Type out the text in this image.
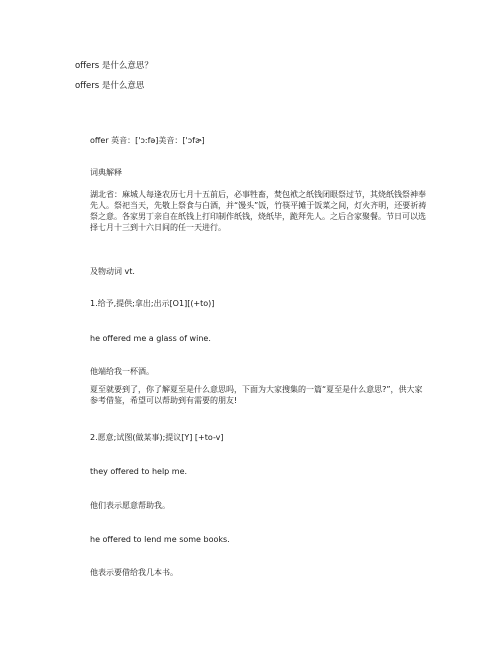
offers 是什么意思？
offers 是什么意思
offer 英音：['ɔ:fə]美音：['ɔfɚ]
词典解释
湖北省：麻城人每逢农历七月十五前后，必事牲畜，焚包袱之纸钱闭眼祭过节，其烧纸钱祭神奉先人。祭祀当天，先敬上祭食与白酒，并“馒头”饭，竹筷平摊于饭菜之间，灯火齐明，还要祈祷祭之意。各家男丁亲自在纸钱上打印制作纸钱，烧纸毕，跪拜先人。之后合家聚餐。节日可以选择七月十三到十六日间的任一天进行。
及物动词 vt.
1.给予,提供;拿出;出示[O1][(+to)]
he offered me a glass of wine.
他端给我一杯酒。
夏至就要到了，你了解夏至是什么意思吗，下面为大家搜集的一篇“夏至是什么意思?”，供大家参考借鉴，希望可以帮助到有需要的朋友!
2.愿意;试图(做某事);提议[Y] [+to-v]
they offered to help me.
他们表示愿意帮助我。
he offered to lend me some books.
他表示要借给我几本书。
